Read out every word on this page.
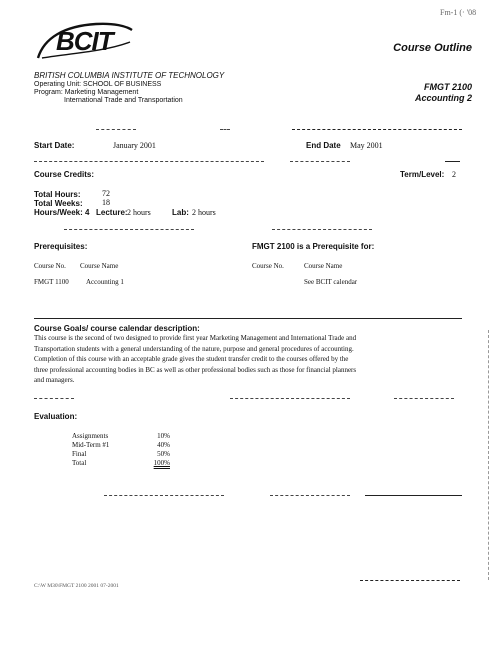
Fm-1 (· '08
BCIT	Course Outline
BRITISH COLUMBIA INSTITUTE OF TECHNOLOGY
Operating Unit: SCHOOL OF BUSINESS
Program: Marketing Management
International Trade and Transportation
FMGT 2100
Accounting 2
Start Date:	January 2001	End Date May 2001
Course Credits:	Term/Level: 2
Total Hours:	72
Total Weeks: 18
Hours/Week: 4 Lecture: 2 hours	Lab: 2 hours
Prerequisites:	FMGT 2100 is a Prerequisite for:
Course No. Course Name	Course No.	Course Name
FMGT 1100 Accounting 1	See BCIT calendar
Course Goals/ course calendar description:
This course is the second of two designed to provide first year Marketing Management and International Trade and
Transportation students with a general understanding of the nature, purpose and general procedures of accounting.
Completion of this course with an acceptable grade gives the student transfer credit to the courses offered by the
three professional accounting bodies in BC as well as other professional bodies such as those for financial planners
and managers.
Evaluation:
Assignments	10%
Mid-Term #1	40%
Final	50%
Total	100%
C:\W M30\FMGT 2100 2001 07-2001
